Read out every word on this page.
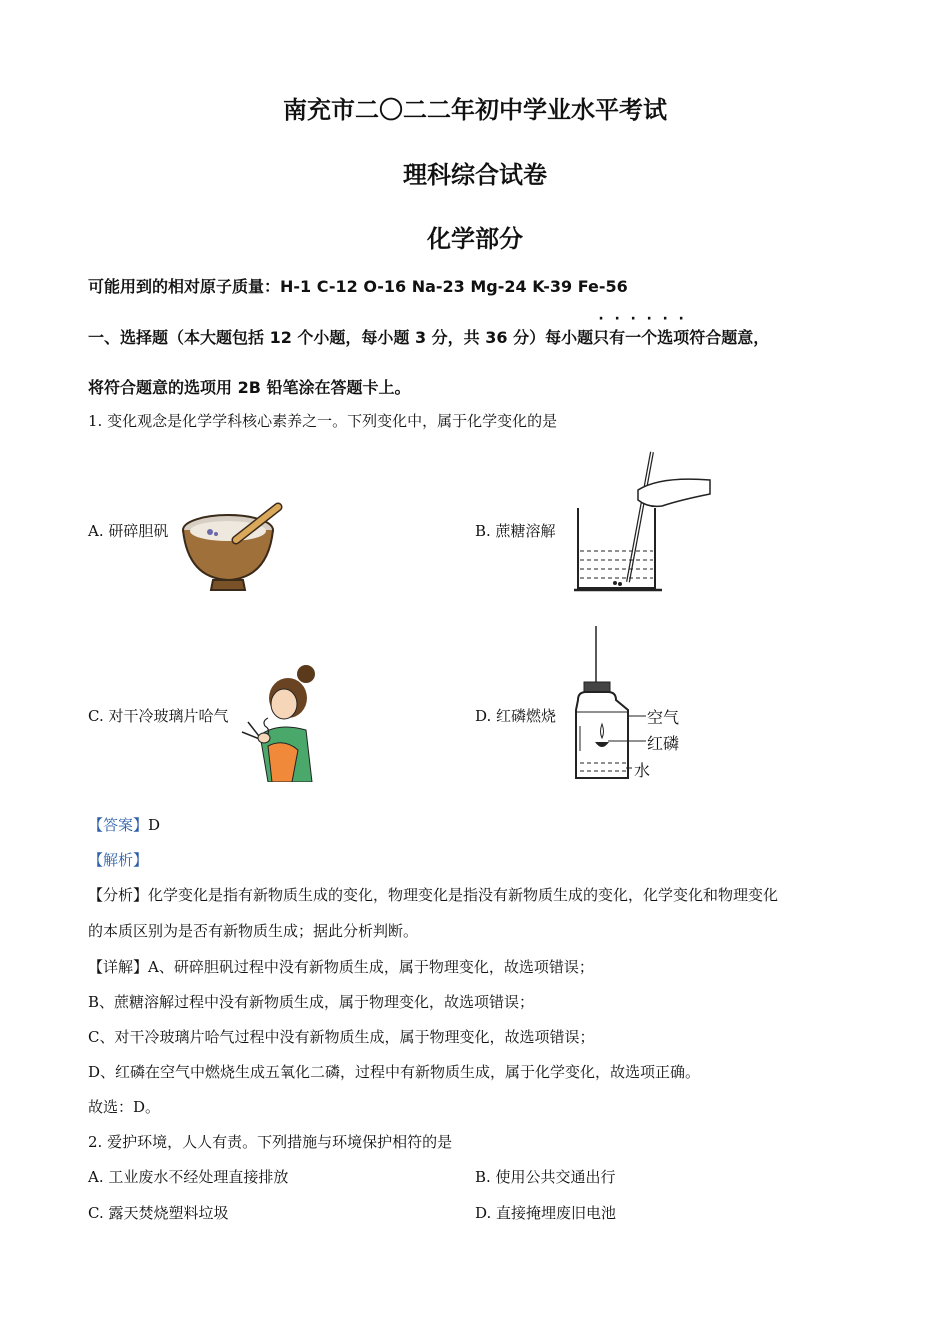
南充市二〇二二年初中学业水平考试
理科综合试卷
化学部分
可能用到的相对原子质量：H-1 C-12 O-16 Na-23 Mg-24 K-39 Fe-56
一、选择题（本大题包括 12 个小题，每小题 3 分，共 36 分）每小题只有一个选项符合题意，
将符合题意的选项用 2B 铅笔涂在答题卡上。
1. 变化观念是化学学科核心素养之一。下列变化中，属于化学变化的是
A. 研碎胆矾	B. 蔗糖溶解
C. 对干冷玻璃片哈气	D. 红磷燃烧	空气
红磷
水
【答案】D
【解析】
【分析】化学变化是指有新物质生成的变化，物理变化是指没有新物质生成的变化，化学变化和物理变化
的本质区别为是否有新物质生成；据此分析判断。
【详解】A、研碎胆矾过程中没有新物质生成，属于物理变化，故选项错误；
B、蔗糖溶解过程中没有新物质生成，属于物理变化，故选项错误；
C、对干冷玻璃片哈气过程中没有新物质生成，属于物理变化，故选项错误；
D、红磷在空气中燃烧生成五氧化二磷，过程中有新物质生成，属于化学变化，故选项正确。
故选：D。
2. 爱护环境，人人有责。下列措施与环境保护相符的是
A. 工业废水不经处理直接排放	B. 使用公共交通出行
C. 露天焚烧塑料垃圾	D. 直接掩埋废旧电池
